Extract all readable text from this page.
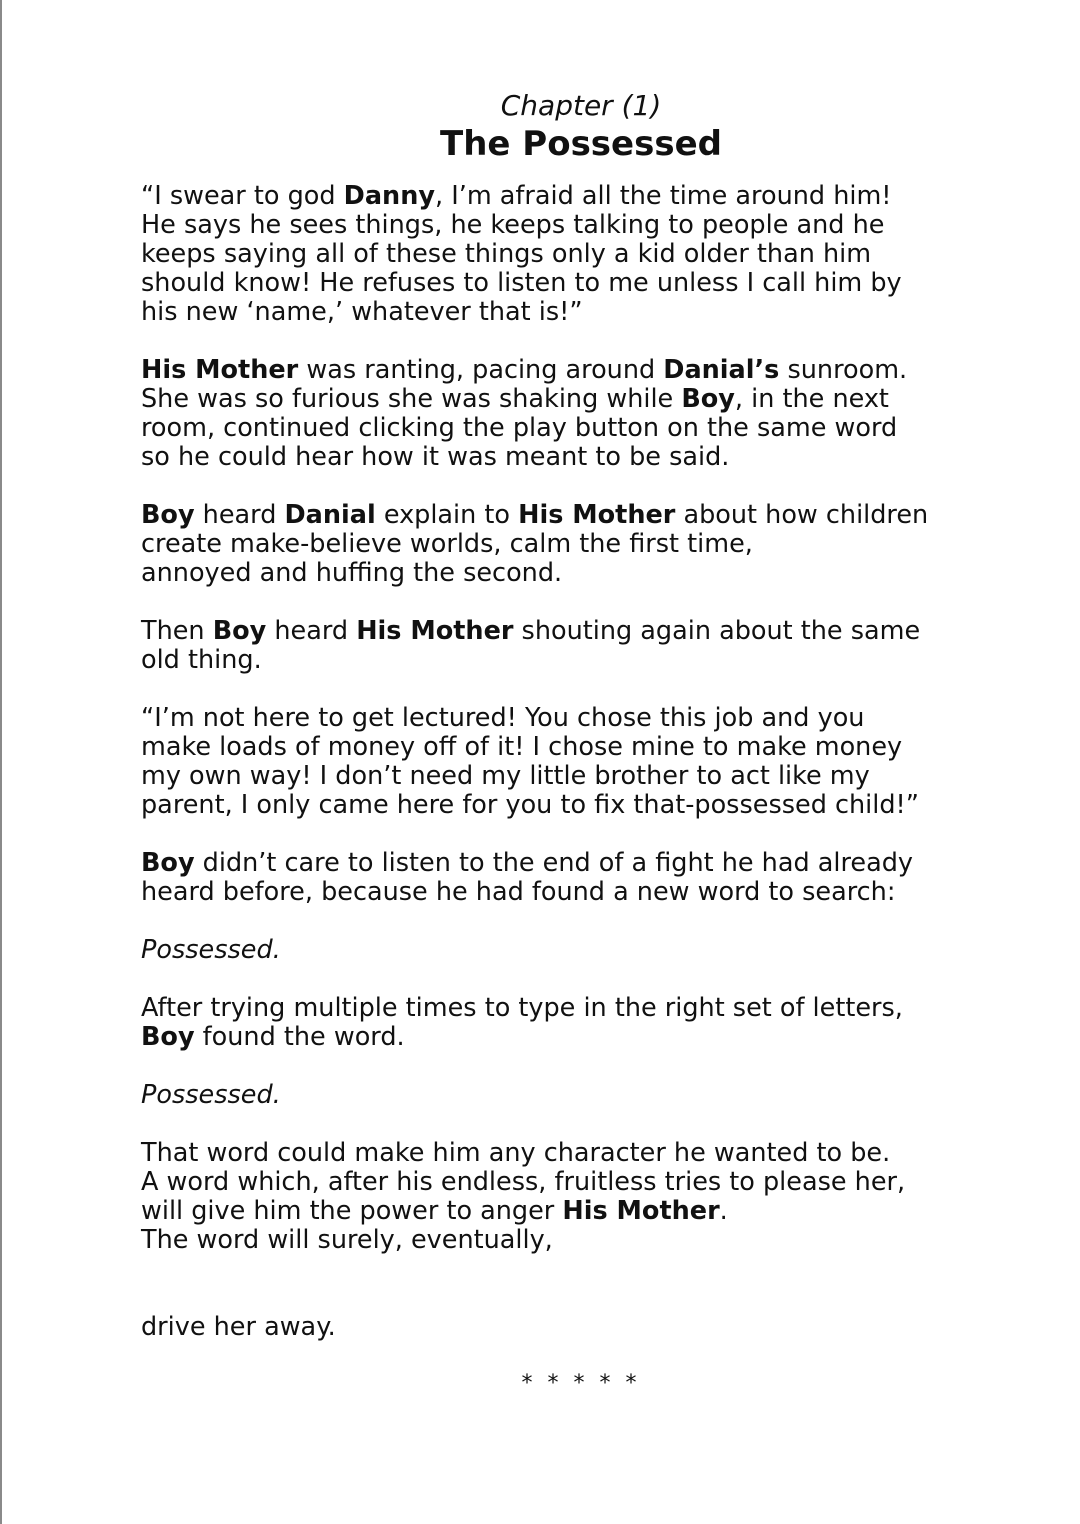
Chapter (1)
The Possessed
“I swear to god Danny, I’m afraid all the time around him!
He says he sees things, he keeps talking to people and he
keeps saying all of these things only a kid older than him
should know! He refuses to listen to me unless I call him by
his new ‘name,’ whatever that is!”
His Mother was ranting, pacing around Danial’s sunroom.
She was so furious she was shaking while Boy, in the next
room, continued clicking the play button on the same word
so he could hear how it was meant to be said.
Boy heard Danial explain to His Mother about how children
create make-believe worlds, calm the first time,
annoyed and huffing the second.
Then Boy heard His Mother shouting again about the same
old thing.
“I’m not here to get lectured! You chose this job and you
make loads of money off of it! I chose mine to make money
my own way! I don’t need my little brother to act like my
parent, I only came here for you to fix that-possessed child!”
Boy didn’t care to listen to the end of a fight he had already
heard before, because he had found a new word to search:
Possessed.
After trying multiple times to type in the right set of letters,
Boy found the word.
Possessed.
That word could make him any character he wanted to be.
A word which, after his endless, fruitless tries to please her,
will give him the power to anger His Mother.
The word will surely, eventually,
drive her away.
* * * * *
